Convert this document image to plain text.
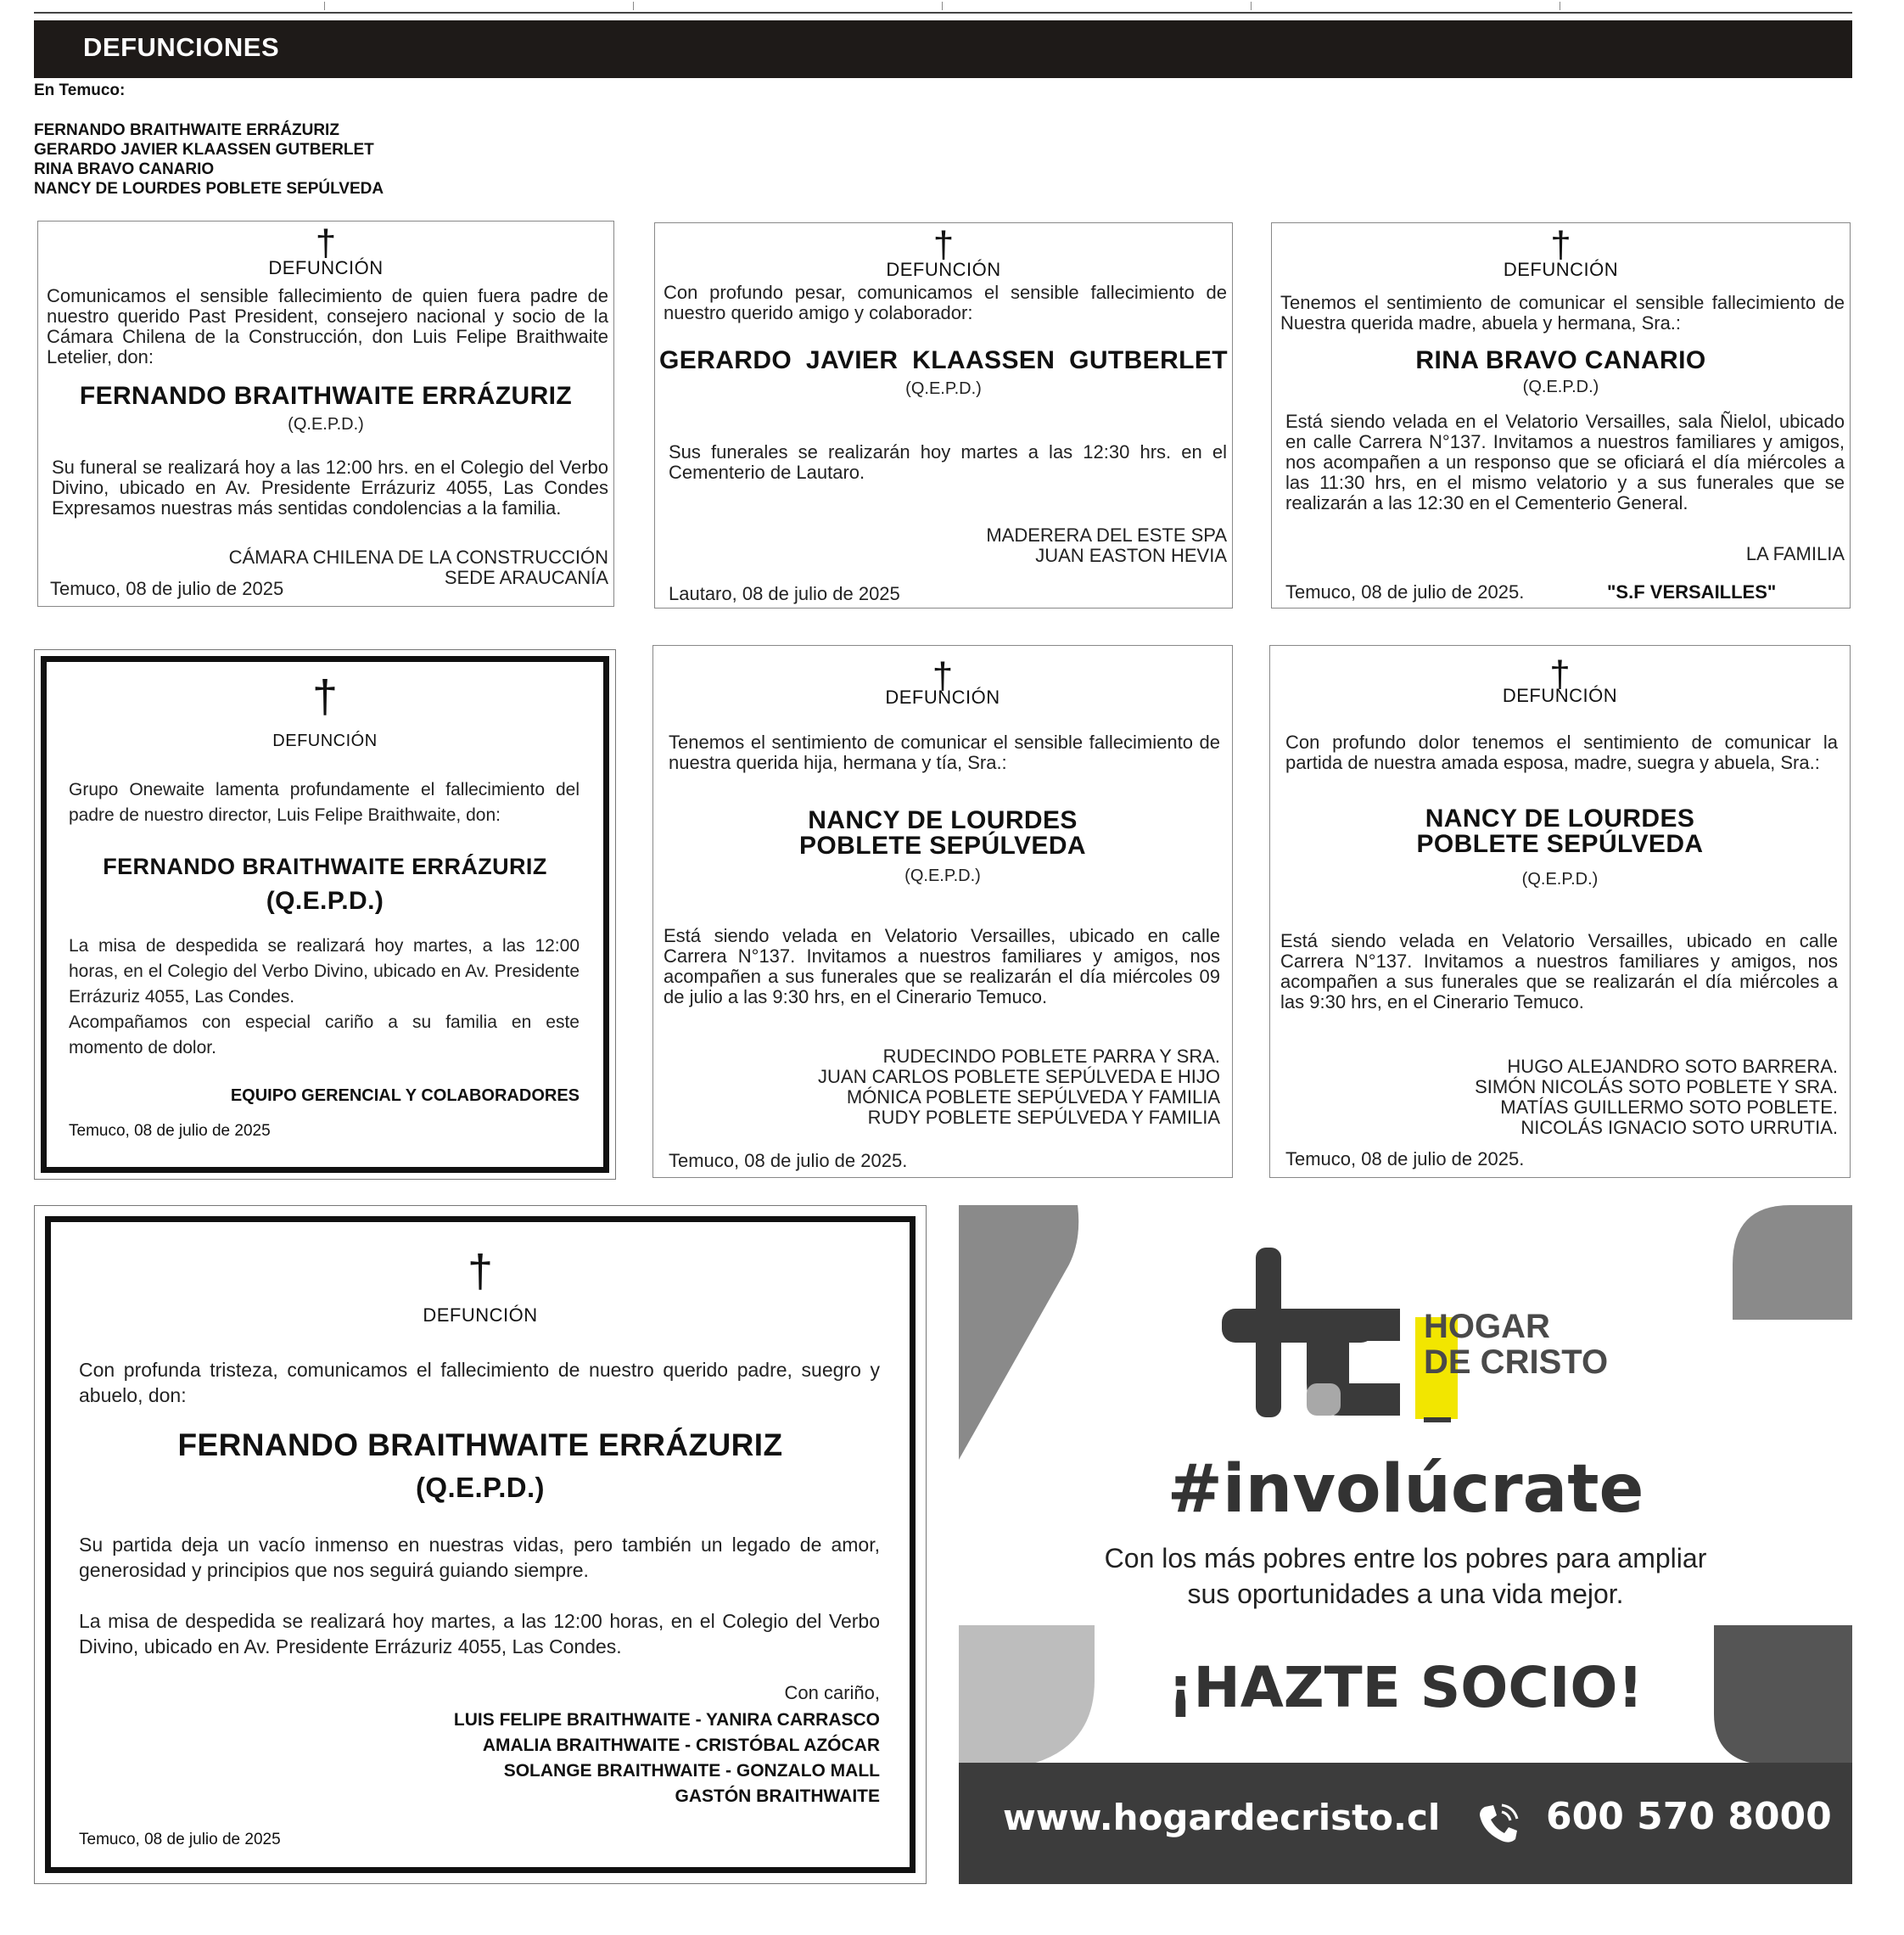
DEFUNCIONES
En Temuco:
FERNANDO BRAITHWAITE ERRÁZURIZ
GERARDO JAVIER KLAASSEN GUTBERLET
RINA BRAVO CANARIO
NANCY DE LOURDES POBLETE SEPÚLVEDA
†
DEFUNCIÓN
Comunicamos el sensible fallecimiento de quien fuera padre de nuestro querido Past President, consejero nacional y socio de la Cámara Chilena de la Construcción, don Luis Felipe Braithwaite Letelier, don:
FERNANDO BRAITHWAITE ERRÁZURIZ
(Q.E.P.D.)
Su funeral se realizará hoy a las 12:00 hrs. en el Colegio del Verbo Divino, ubicado en Av. Presidente Errázuriz 4055, Las Condes Expresamos nuestras más sentidas condolencias a la familia.
CÁMARA CHILENA DE LA CONSTRUCCIÓN
SEDE ARAUCANÍA
Temuco, 08 de julio de 2025
†
DEFUNCIÓN
Con profundo pesar, comunicamos el sensible fallecimiento de nuestro querido amigo y colaborador:
GERARDO JAVIER KLAASSEN GUTBERLET
(Q.E.P.D.)
Sus funerales se realizarán hoy martes a las 12:30 hrs. en el Cementerio de Lautaro.
MADERERA DEL ESTE SPA
JUAN EASTON HEVIA
Lautaro, 08 de julio de 2025
†
DEFUNCIÓN
Tenemos el sentimiento de comunicar el sensible fallecimiento de Nuestra querida madre, abuela y hermana, Sra.:
RINA BRAVO CANARIO
(Q.E.P.D.)
Está siendo velada en el Velatorio Versailles, sala Ñielol, ubicado en calle Carrera N°137. Invitamos a nuestros familiares y amigos, nos acompañen a un responso que se oficiará el día miércoles a las 11:30 hrs, en el mismo velatorio y a sus funerales que se realizarán a las 12:30 en el Cementerio General.
LA FAMILIA
Temuco, 08 de julio de 2025.	"S.F VERSAILLES"
†
DEFUNCIÓN
Grupo Onewaite lamenta profundamente el fallecimiento del padre de nuestro director, Luis Felipe Braithwaite, don:
FERNANDO BRAITHWAITE ERRÁZURIZ
(Q.E.P.D.)
La misa de despedida se realizará hoy martes, a las 12:00 horas, en el Colegio del Verbo Divino, ubicado en Av. Presidente Errázuriz 4055, Las Condes.
Acompañamos con especial cariño a su familia en este momento de dolor.
EQUIPO GERENCIAL Y COLABORADORES
Temuco, 08 de julio de 2025
†
DEFUNCIÓN
Tenemos el sentimiento de comunicar el sensible fallecimiento de nuestra querida hija, hermana y tía, Sra.:
NANCY DE LOURDES
POBLETE SEPÚLVEDA
(Q.E.P.D.)
Está siendo velada en Velatorio Versailles, ubicado en calle Carrera N°137. Invitamos a nuestros familiares y amigos, nos acompañen a sus funerales que se realizarán el día miércoles 09 de julio a las 9:30 hrs, en el Cinerario Temuco.
RUDECINDO POBLETE PARRA Y SRA.
JUAN CARLOS POBLETE SEPÚLVEDA E HIJO
MÓNICA POBLETE SEPÚLVEDA Y FAMILIA
RUDY POBLETE SEPÚLVEDA Y FAMILIA
Temuco, 08 de julio de 2025.
†
DEFUNCIÓN
Con profundo dolor tenemos el sentimiento de comunicar la partida de nuestra amada esposa, madre, suegra y abuela, Sra.:
NANCY DE LOURDES
POBLETE SEPÚLVEDA
(Q.E.P.D.)
Está siendo velada en Velatorio Versailles, ubicado en calle Carrera N°137. Invitamos a nuestros familiares y amigos, nos acompañen a sus funerales que se realizarán el día miércoles a las 9:30 hrs, en el Cinerario Temuco.
HUGO ALEJANDRO SOTO BARRERA.
SIMÓN NICOLÁS SOTO POBLETE Y SRA.
MATÍAS GUILLERMO SOTO POBLETE.
NICOLÁS IGNACIO SOTO URRUTIA.
Temuco, 08 de julio de 2025.
†
DEFUNCIÓN
Con profunda tristeza, comunicamos el fallecimiento de nuestro querido padre, suegro y abuelo, don:
FERNANDO BRAITHWAITE ERRÁZURIZ
(Q.E.P.D.)
Su partida deja un vacío inmenso en nuestras vidas, pero también un legado de amor, generosidad y principios que nos seguirá guiando siempre.
La misa de despedida se realizará hoy martes, a las 12:00 horas, en el Colegio del Verbo Divino, ubicado en Av. Presidente Errázuriz 4055, Las Condes.
Con cariño,
LUIS FELIPE BRAITHWAITE - YANIRA CARRASCO
AMALIA BRAITHWAITE - CRISTÓBAL AZÓCAR
SOLANGE BRAITHWAITE - GONZALO MALL
GASTÓN BRAITHWAITE
Temuco, 08 de julio de 2025
HOGAR
DE CRISTO
#involúcrate
Con los más pobres entre los pobres para ampliar
sus oportunidades a una vida mejor.
¡HAZTE SOCIO!
www.hogardecristo.cl	600 570 8000
